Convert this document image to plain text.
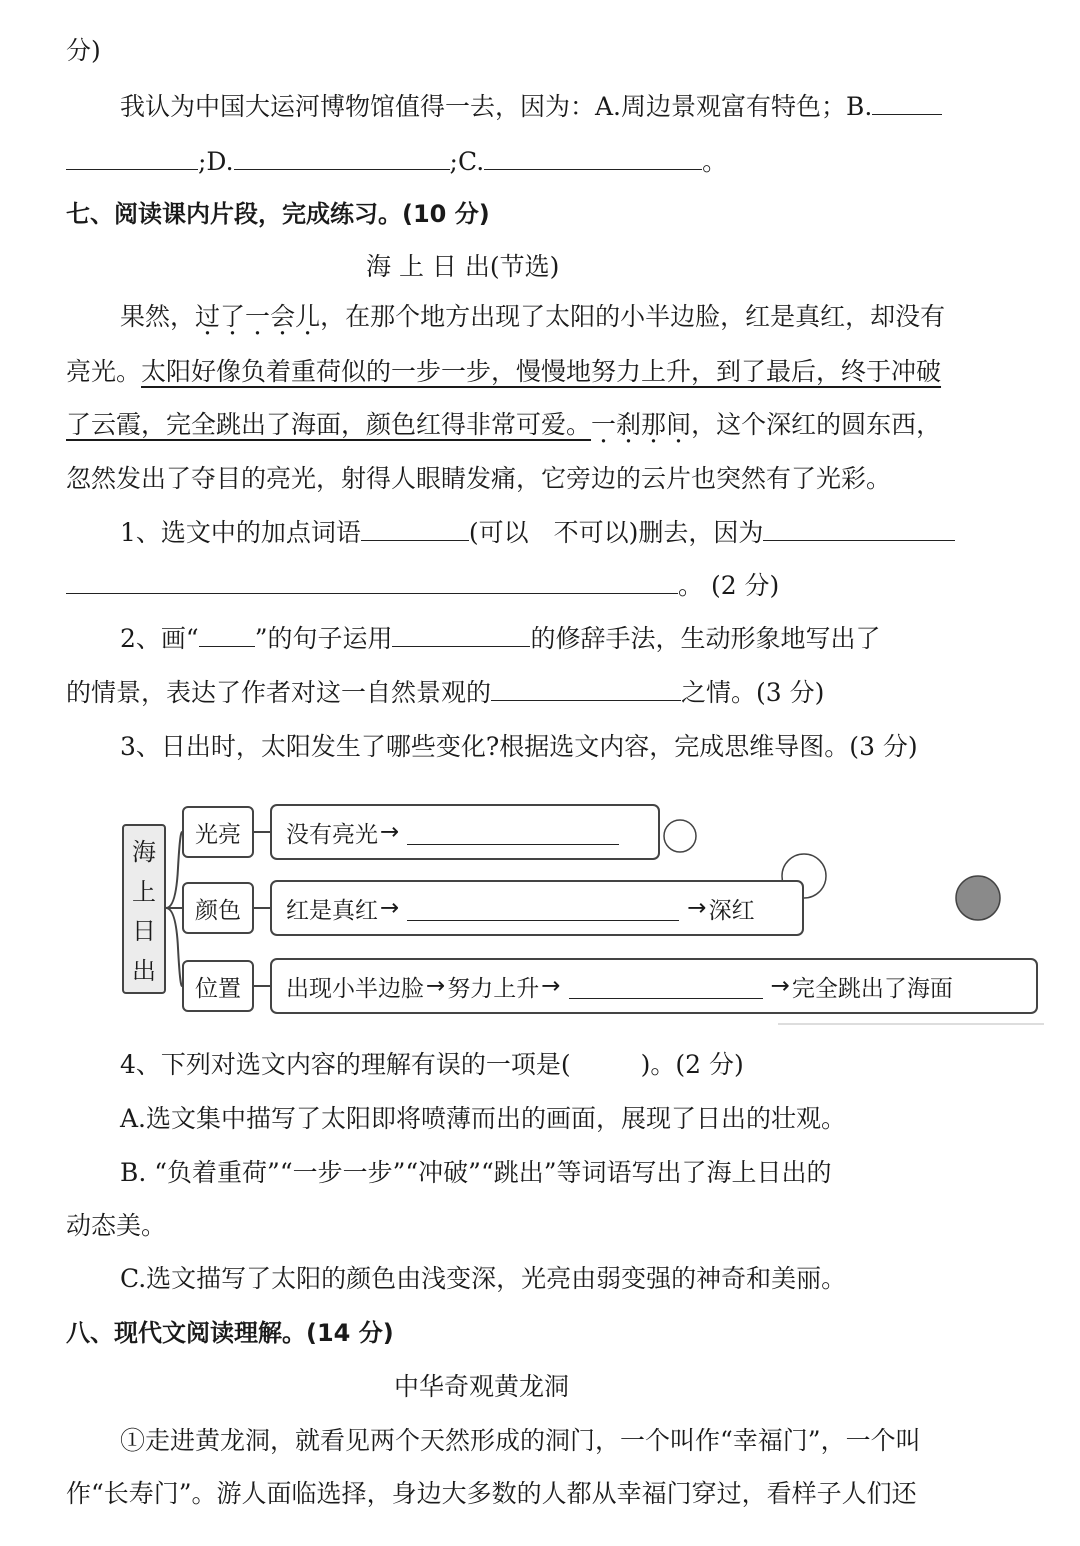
分)
我认为中国大运河博物馆值得一去，因为：A.周边景观富有特色；B.
;D.	;C.	。
七、阅读课内片段，完成练习。(10 分)
海 上 日 出(节选)
果然，过了一会儿，在那个地方出现了太阳的小半边脸，红是真红，却没有
亮光。太阳好像负着重荷似的一步一步，慢慢地努力上升，到了最后，终于冲破
了云霞，完全跳出了海面，颜色红得非常可爱。一刹那间，这个深红的圆东西，
忽然发出了夺目的亮光，射得人眼睛发痛，它旁边的云片也突然有了光彩。
1、选文中的加点词语	(可以　不可以)删去，因为
。 (2 分)
2、画“ ”的句子运用	的修辞手法，生动形象地写出了
的情景，表达了作者对这一自然景观的	之情。(3 分)
3、日出时，太阳发生了哪些变化?根据选文内容，完成思维导图。(3 分)
海
上
日
出
光亮	没有亮光 →
颜色	红是真红 →	→ 深红
位置	出现小半边脸 → 努力上升 →	→ 完全跳出了海面
4、下列对选文内容的理解有误的一项是(	)。(2 分)
A.选文集中描写了太阳即将喷薄而出的画面，展现了日出的壮观。
B. “负着重荷”“一步一步”“冲破”“跳出”等词语写出了海上日出的
动态美。
C.选文描写了太阳的颜色由浅变深，光亮由弱变强的神奇和美丽。
八、现代文阅读理解。(14 分)
中华奇观黄龙洞
①走进黄龙洞，就看见两个天然形成的洞门，一个叫作“幸福门”，一个叫
作“长寿门”。游人面临选择，身边大多数的人都从幸福门穿过，看样子人们还
